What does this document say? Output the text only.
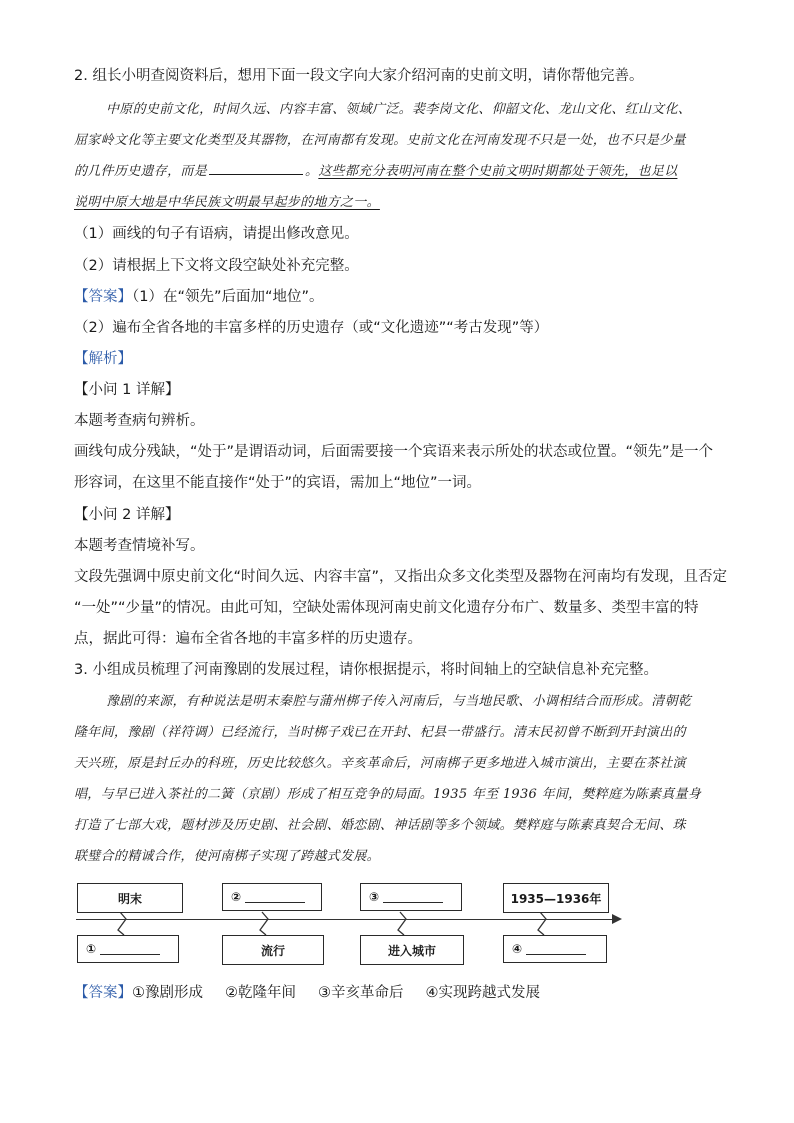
2. 组长小明查阅资料后，想用下面一段文字向大家介绍河南的史前文明，请你帮他完善。
中原的史前文化，时间久远、内容丰富、领域广泛。裴李岗文化、仰韶文化、龙山文化、红山文化、
屈家岭文化等主要文化类型及其器物，在河南都有发现。史前文化在河南发现不只是一处，也不只是少量
的几件历史遗存，而是	。这些都充分表明河南在整个史前文明时期都处于领先，也足以
说明中原大地是中华民族文明最早起步的地方之一。
（1）画线的句子有语病，请提出修改意见。
（2）请根据上下文将文段空缺处补充完整。
【答案】（1）在“领先”后面加“地位”。
（2）遍布全省各地的丰富多样的历史遗存（或“文化遗迹”“考古发现”等）
【解析】
【小问 1 详解】
本题考查病句辨析。
画线句成分残缺，“处于”是谓语动词，后面需要接一个宾语来表示所处的状态或位置。“领先”是一个
形容词，在这里不能直接作“处于”的宾语，需加上“地位”一词。
【小问 2 详解】
本题考查情境补写。
文段先强调中原史前文化“时间久远、内容丰富”，又指出众多文化类型及器物在河南均有发现，且否定
“一处”“少量”的情况。由此可知，空缺处需体现河南史前文化遗存分布广、数量多、类型丰富的特
点，据此可得：遍布全省各地的丰富多样的历史遗存。
3. 小组成员梳理了河南豫剧的发展过程，请你根据提示，将时间轴上的空缺信息补充完整。
豫剧的来源，有种说法是明末秦腔与蒲州梆子传入河南后，与当地民歌、小调相结合而形成。清朝乾
隆年间，豫剧（祥符调）已经流行，当时梆子戏已在开封、杞县一带盛行。清末民初曾不断到开封演出的
天兴班，原是封丘办的科班，历史比较悠久。辛亥革命后，河南梆子更多地进入城市演出，主要在茶社演
唱，与早已进入茶社的二簧（京剧）形成了相互竞争的局面。1935 年至 1936 年间，樊粹庭为陈素真量身
打造了七部大戏，题材涉及历史剧、社会剧、婚恋剧、神话剧等多个领域。樊粹庭与陈素真契合无间、珠
联璧合的精诚合作，使河南梆子实现了跨越式发展。
明末	②	③	1935—1936年
①	流行	进入城市	④
【答案】①豫剧形成 ②乾隆年间 ③辛亥革命后 ④实现跨越式发展
